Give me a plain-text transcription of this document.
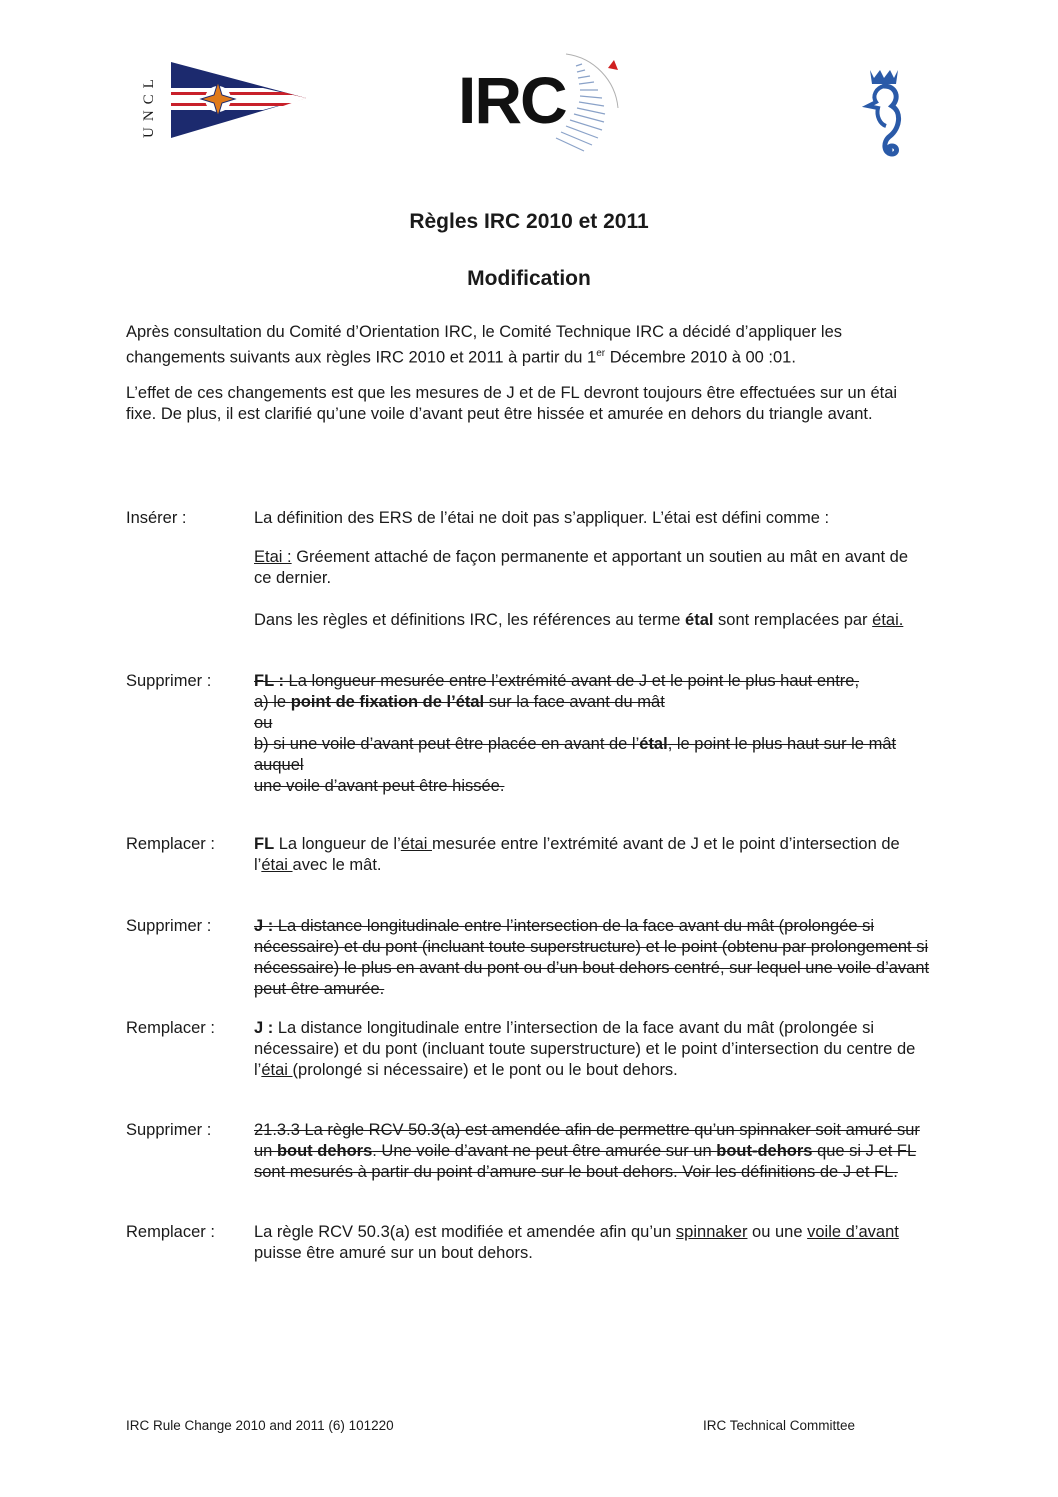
UNCL	IRC
Règles IRC 2010 et 2011
Modification
Après consultation du Comité d’Orientation IRC, le Comité Technique IRC a décidé d’appliquer les changements suivants aux règles IRC 2010 et 2011 à partir du 1er Décembre 2010 à 00 :01.
L’effet de ces changements est que les mesures de J et de FL devront toujours être effectuées sur un étai fixe. De plus, il est clarifié qu’une voile d’avant peut être hissée et amurée en dehors du triangle avant.
Insérer :	La définition des ERS de l’étai ne doit pas s’appliquer. L’étai est défini comme :
Etai : Gréement attaché de façon permanente et apportant un soutien au mât en avant de ce dernier.
Dans les règles et définitions IRC, les références au terme étal sont remplacées par étai.
Supprimer :	FL : La longueur mesurée entre l’extrémité avant de J et le point le plus haut entre,

a) le point de fixation de l’étal sur la face avant du mât

ou

b) si une voile d’avant peut être placée en avant de l’étal, le point le plus haut sur le mât auquel

une voile d’avant peut être hissée.

Remplacer : FL La longueur de l’étai mesurée entre l’extrémité avant de J et le point d’intersection de l’étai avec le mât.
Supprimer :	J : La distance longitudinale entre l’intersection de la face avant du mât (prolongée si nécessaire) et du pont (incluant toute superstructure) et le point (obtenu par prolongement si nécessaire) le plus en avant du pont ou d’un bout dehors centré, sur lequel une voile d’avant peut être amurée.
Remplacer : J : La distance longitudinale entre l’intersection de la face avant du mât (prolongée si nécessaire) et du pont (incluant toute superstructure) et le point d’intersection du centre de l’étai (prolongé si nécessaire) et le pont ou le bout dehors.
Supprimer :	21.3.3 La règle RCV 50.3(a) est amendée afin de permettre qu’un spinnaker soit amuré sur un bout dehors. Une voile d’avant ne peut être amurée sur un bout-dehors que si J et FL sont mesurés à partir du point d’amure sur le bout dehors. Voir les définitions de J et FL.
Remplacer : La règle RCV 50.3(a) est modifiée et amendée afin qu’un spinnaker ou une voile d’avant puisse être amuré sur un bout dehors.
IRC Rule Change 2010 and 2011 (6) 101220	IRC Technical Committee
